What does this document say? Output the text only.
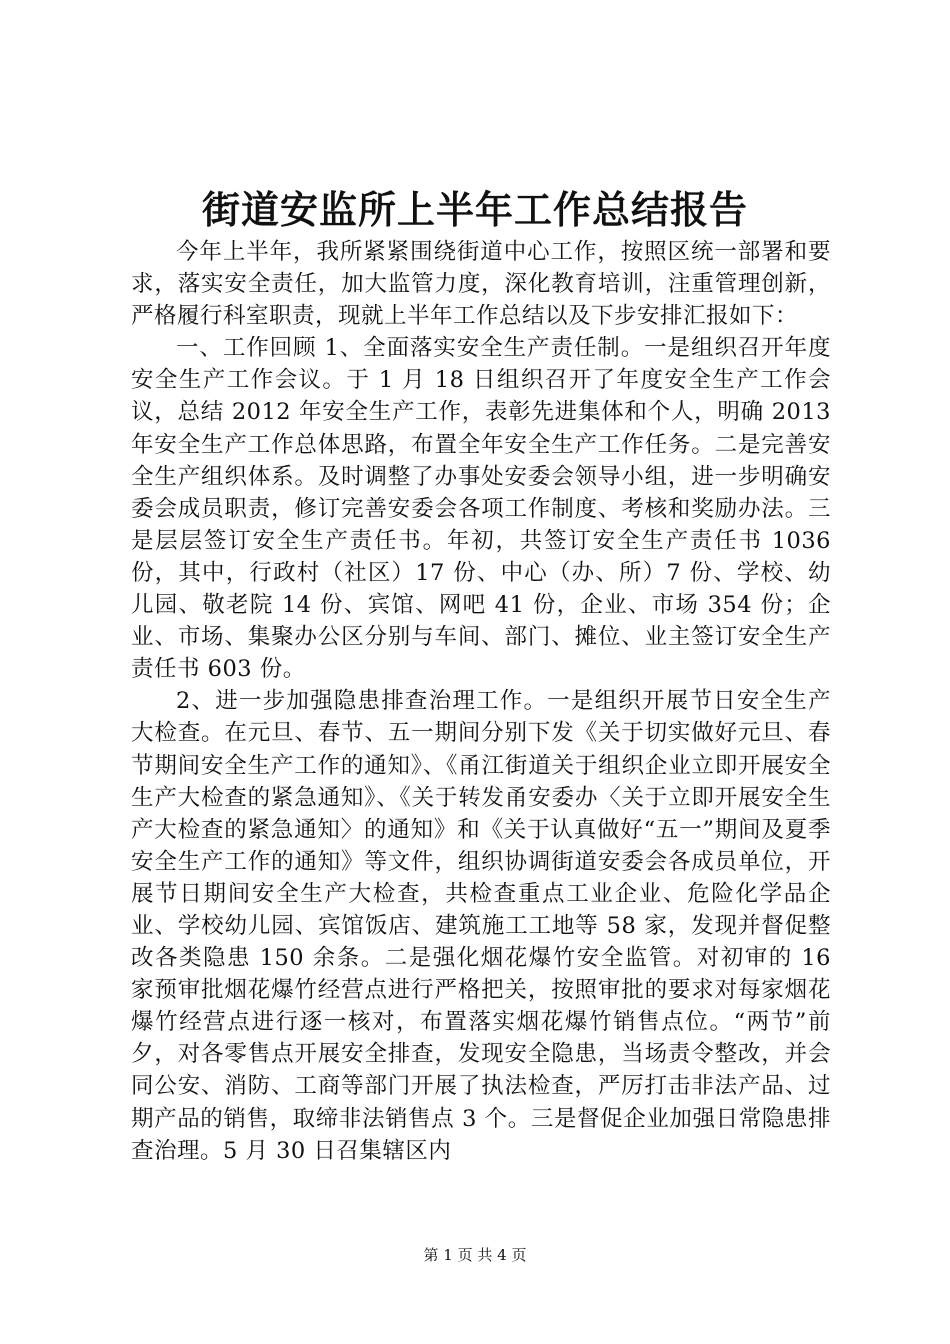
街道安监所上半年工作总结报告

今年上半年，我所紧紧围绕街道中心工作，按照区统一部署和要求，落实安全责任，加大监管力度，深化教育培训，注重管理创新，严格履行科室职责，现就上半年工作总结以及下步安排汇报如下：

一、工作回顾 1、全面落实安全生产责任制。一是组织召开年度安全生产工作会议。于 1 月 18 日组织召开了年度安全生产工作会议，总结 2012 年安全生产工作，表彰先进集体和个人，明确 2013 年安全生产工作总体思路，布置全年安全生产工作任务。二是完善安全生产组织体系。及时调整了办事处安委会领导小组，进一步明确安委会成员职责，修订完善安委会各项工作制度、考核和奖励办法。三是层层签订安全生产责任书。年初，共签订安全生产责任书 1036 份，其中，行政村（社区）17 份、中心（办、所）7 份、学校、幼儿园、敬老院 14 份、宾馆、网吧 41 份，企业、市场 354 份；企业、市场、集聚办公区分别与车间、部门、摊位、业主签订安全生产责任书 603 份。

2、进一步加强隐患排查治理工作。一是组织开展节日安全生产大检查。在元旦、春节、五一期间分别下发《关于切实做好元旦、春节期间安全生产工作的通知》、《甬江街道关于组织企业立即开展安全生产大检查的紧急通知》、《关于转发甬安委办〈关于立即开展安全生产大检查的紧急通知〉的通知》和《关于认真做好“五一”期间及夏季安全生产工作的通知》等文件，组织协调街道安委会各成员单位，开展节日期间安全生产大检查，共检查重点工业企业、危险化学品企业、学校幼儿园、宾馆饭店、建筑施工工地等 58 家，发现并督促整改各类隐患 150 余条。二是强化烟花爆竹安全监管。对初审的 16 家预审批烟花爆竹经营点进行严格把关，按照审批的要求对每家烟花爆竹经营点进行逐一核对，布置落实烟花爆竹销售点位。“两节”前夕，对各零售点开展安全排查，发现安全隐患，当场责令整改，并会同公安、消防、工商等部门开展了执法检查，严厉打击非法产品、过期产品的销售，取缔非法销售点 3 个。三是督促企业加强日常隐患排查治理。5 月 30 日召集辖区内

第 1 页 共 4 页
